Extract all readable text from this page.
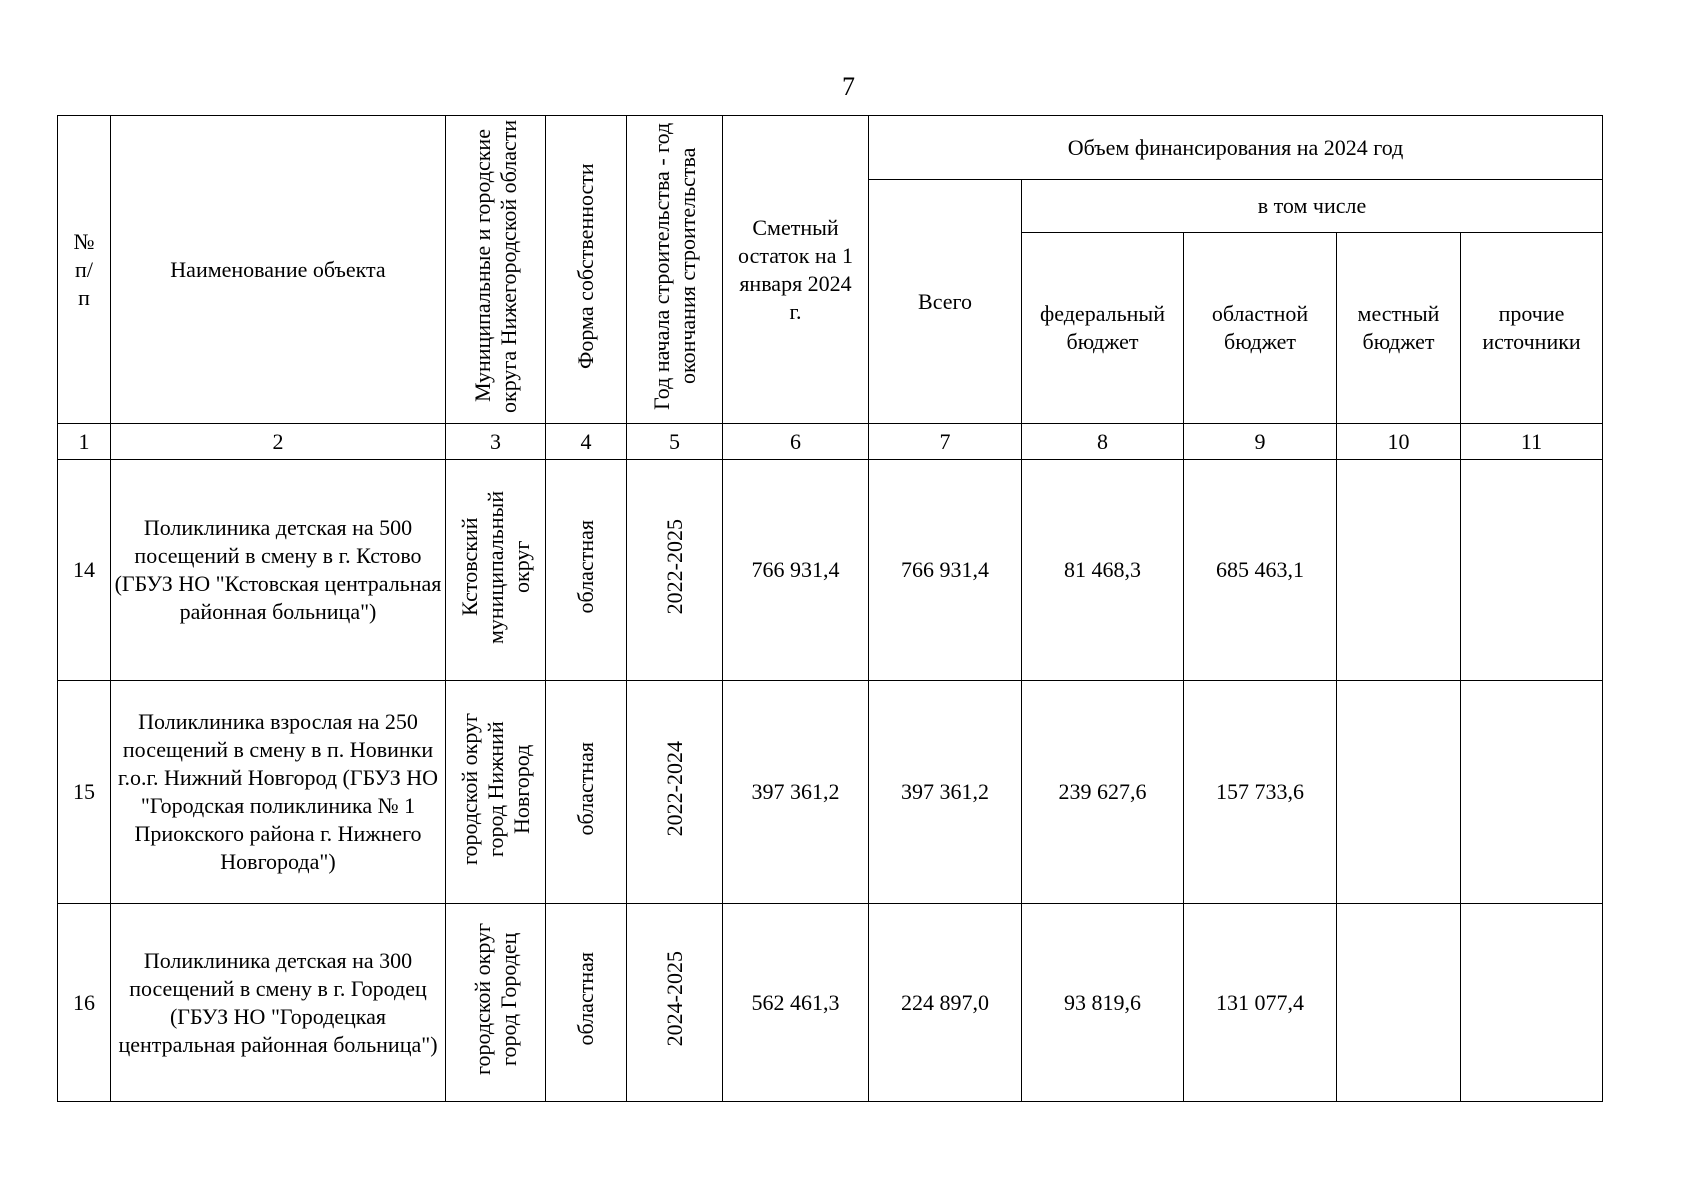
7
№ п/ п	Наименование объекта	Муниципальные и городские округа Нижегородской области	Форма собственности	Год начала строительства - год окончания строительства	Сметный остаток на 1 января 2024 г.	Объем финансирования на 2024 год				
						Всего	в том числе			
							федеральный бюджет	областной бюджет	местный бюджет	прочие источники
1	2	3	4	5	6	7	8	9	10	11
14	Поликлиника детская на 500 посещений в смену в г. Кстово (ГБУЗ НО "Кстовская центральная районная больница")	Кстовский муниципальный округ	областная	2022-2025	766 931,4	766 931,4	81 468,3	685 463,1		
15	Поликлиника взрослая на 250 посещений в смену в п. Новинки г.о.г. Нижний Новгород (ГБУЗ НО "Городская поликлиника № 1 Приокского района г. Нижнего Новгорода")	городской округ город Нижний Новгород	областная	2022-2024	397 361,2	397 361,2	239 627,6	157 733,6		
16	Поликлиника детская на 300 посещений в смену в г. Городец (ГБУЗ НО "Городецкая центральная районная больница")	городской округ город Городец	областная	2024-2025	562 461,3	224 897,0	93 819,6	131 077,4		
